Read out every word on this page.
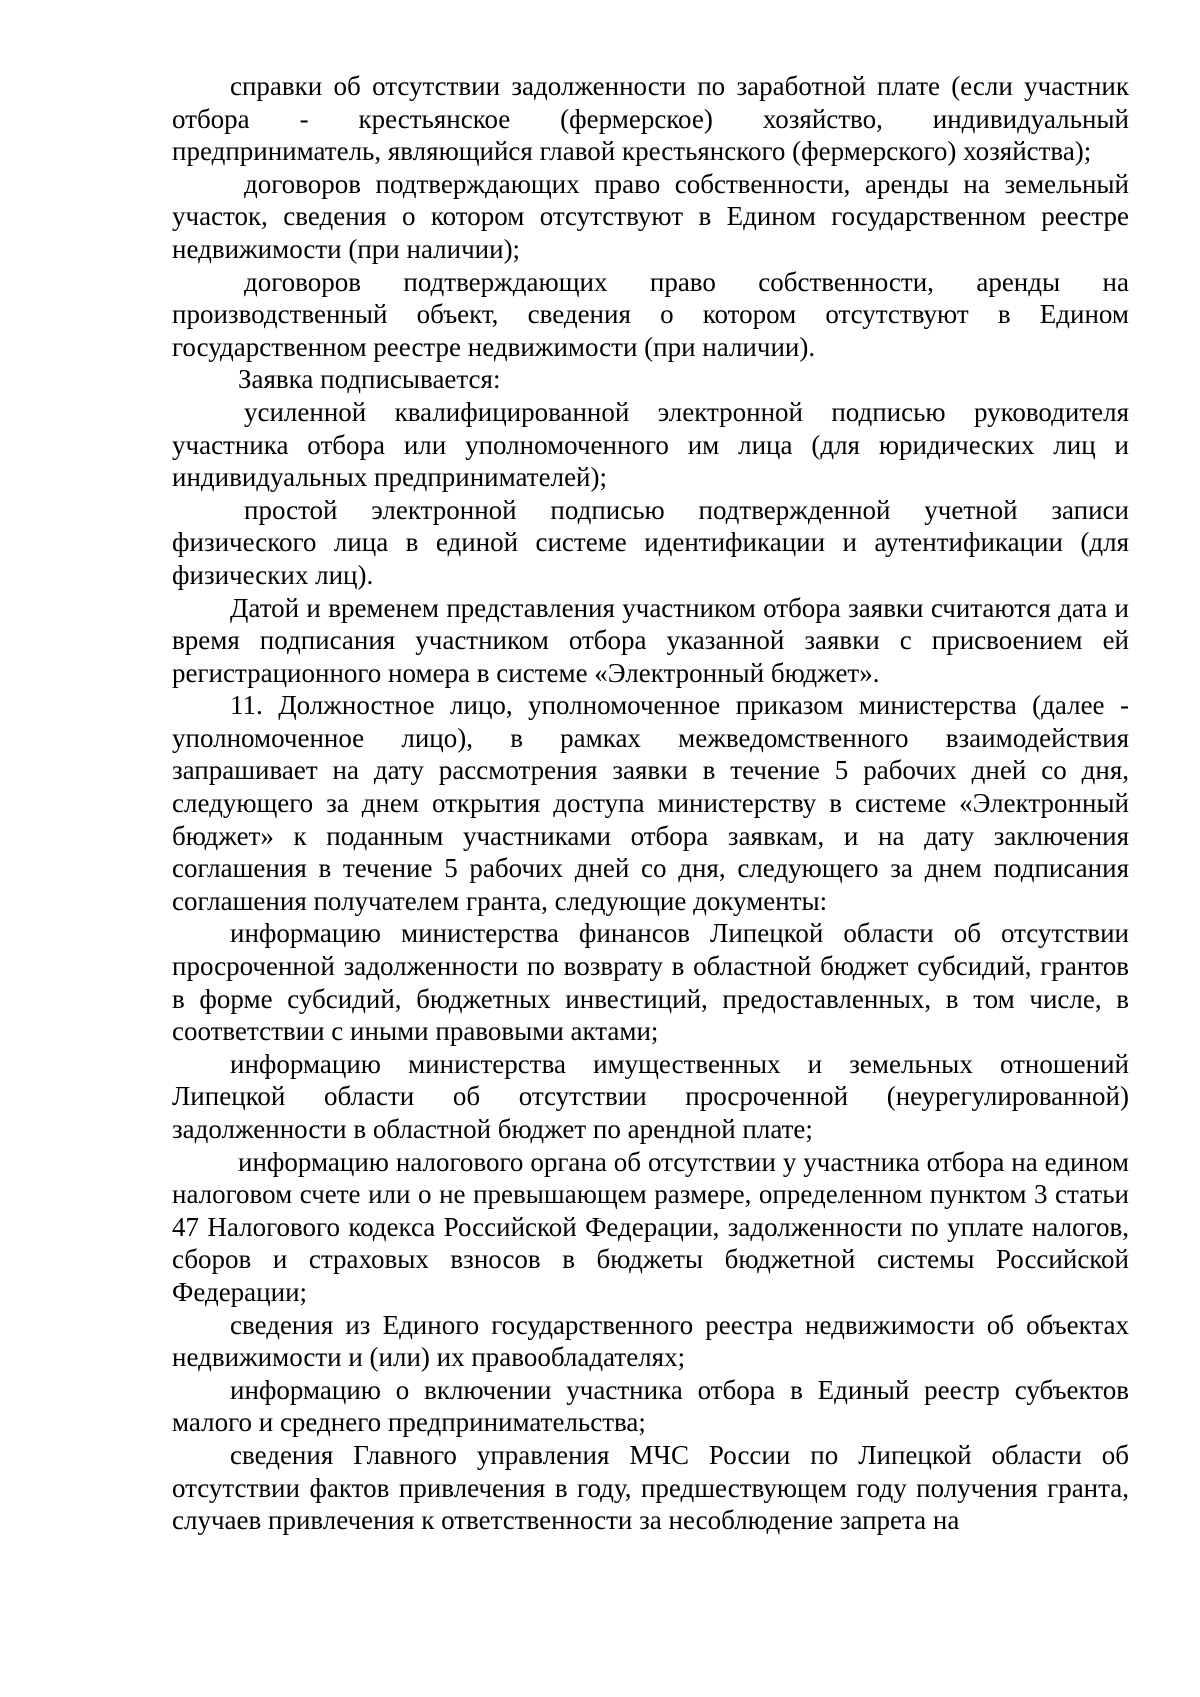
справки об отсутствии задолженности по заработной плате (если участник отбора - крестьянское (фермерское) хозяйство, индивидуальный предприниматель, являющийся главой крестьянского (фермерского) хозяйства);

договоров подтверждающих право собственности, аренды на земельный участок, сведения о котором отсутствуют в Едином государственном реестре недвижимости (при наличии);

договоров подтверждающих право собственности, аренды на производственный объект, сведения о котором отсутствуют в Едином государственном реестре недвижимости (при наличии).

Заявка подписывается:

усиленной квалифицированной электронной подписью руководителя участника отбора или уполномоченного им лица (для юридических лиц и индивидуальных предпринимателей);

простой электронной подписью подтвержденной учетной записи физического лица в единой системе идентификации и аутентификации (для физических лиц).

Датой и временем представления участником отбора заявки считаются дата и время подписания участником отбора указанной заявки с присвоением ей регистрационного номера в системе «Электронный бюджет».

11. Должностное лицо, уполномоченное приказом министерства (далее - уполномоченное лицо), в рамках межведомственного взаимодействия запрашивает на дату рассмотрения заявки в течение 5 рабочих дней со дня, следующего за днем открытия доступа министерству в системе «Электронный бюджет» к поданным участниками отбора заявкам, и на дату заключения соглашения в течение 5 рабочих дней со дня, следующего за днем подписания соглашения получателем гранта, следующие документы:

информацию министерства финансов Липецкой области об отсутствии просроченной задолженности по возврату в областной бюджет субсидий, грантов в форме субсидий, бюджетных инвестиций, предоставленных, в том числе, в соответствии с иными правовыми актами;

информацию министерства имущественных и земельных отношений Липецкой области об отсутствии просроченной (неурегулированной) задолженности в областной бюджет по арендной плате;

информацию налогового органа об отсутствии у участника отбора на едином налоговом счете или о не превышающем размере, определенном пунктом 3 статьи 47 Налогового кодекса Российской Федерации, задолженности по уплате налогов, сборов и страховых взносов в бюджеты бюджетной системы Российской Федерации;

сведения из Единого государственного реестра недвижимости об объектах недвижимости и (или) их правообладателях;

информацию о включении участника отбора в Единый реестр субъектов малого и среднего предпринимательства;

сведения Главного управления МЧС России по Липецкой области об отсутствии фактов привлечения в году, предшествующем году получения гранта, случаев привлечения к ответственности за несоблюдение запрета на
